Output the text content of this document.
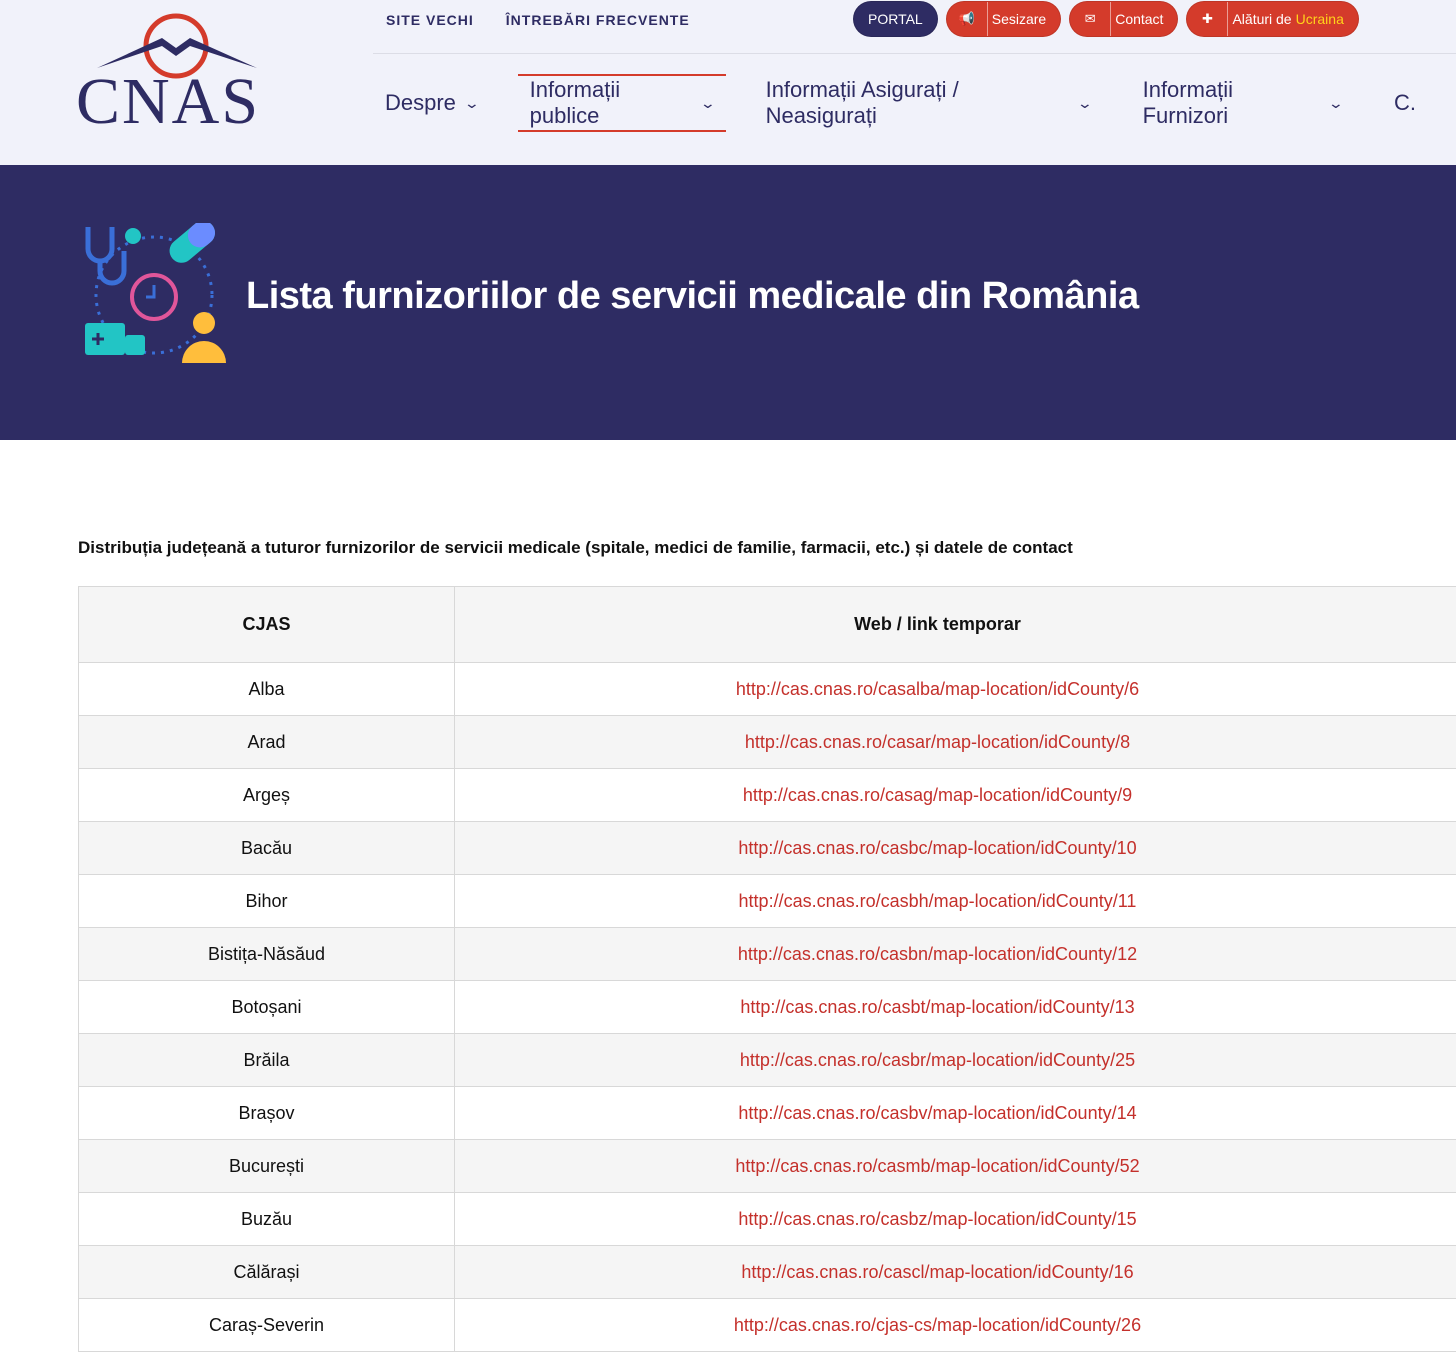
CNAS
SITE VECHI ÎNTREBĂRI FRECVENTE	PORTAL	📢	Sesizare	✉	Contact	✚	Alături de Ucraina
Despre ⌄
Informații publice
⌄
Informații Asigurați / Neasigurați
⌄
Informații Furnizori
⌄ C.
Lista furnizoriilor de servicii medicale din România
Distribuția județeană a tuturor furnizorilor de servicii medicale (spitale, medici de familie, farmacii, etc.) și datele de contact
CJAS	Web / link temporar
Alba	http://cas.cnas.ro/casalba/map-location/idCounty/6
Arad	http://cas.cnas.ro/casar/map-location/idCounty/8
Argeș	http://cas.cnas.ro/casag/map-location/idCounty/9
Bacău	http://cas.cnas.ro/casbc/map-location/idCounty/10
Bihor	http://cas.cnas.ro/casbh/map-location/idCounty/11
Bistița-Năsăud	http://cas.cnas.ro/casbn/map-location/idCounty/12
Botoșani	http://cas.cnas.ro/casbt/map-location/idCounty/13
Brăila	http://cas.cnas.ro/casbr/map-location/idCounty/25
Brașov	http://cas.cnas.ro/casbv/map-location/idCounty/14
București	http://cas.cnas.ro/casmb/map-location/idCounty/52
Buzău	http://cas.cnas.ro/casbz/map-location/idCounty/15
Călărași	http://cas.cnas.ro/cascl/map-location/idCounty/16
Caraș-Severin	http://cas.cnas.ro/cjas-cs/map-location/idCounty/26
